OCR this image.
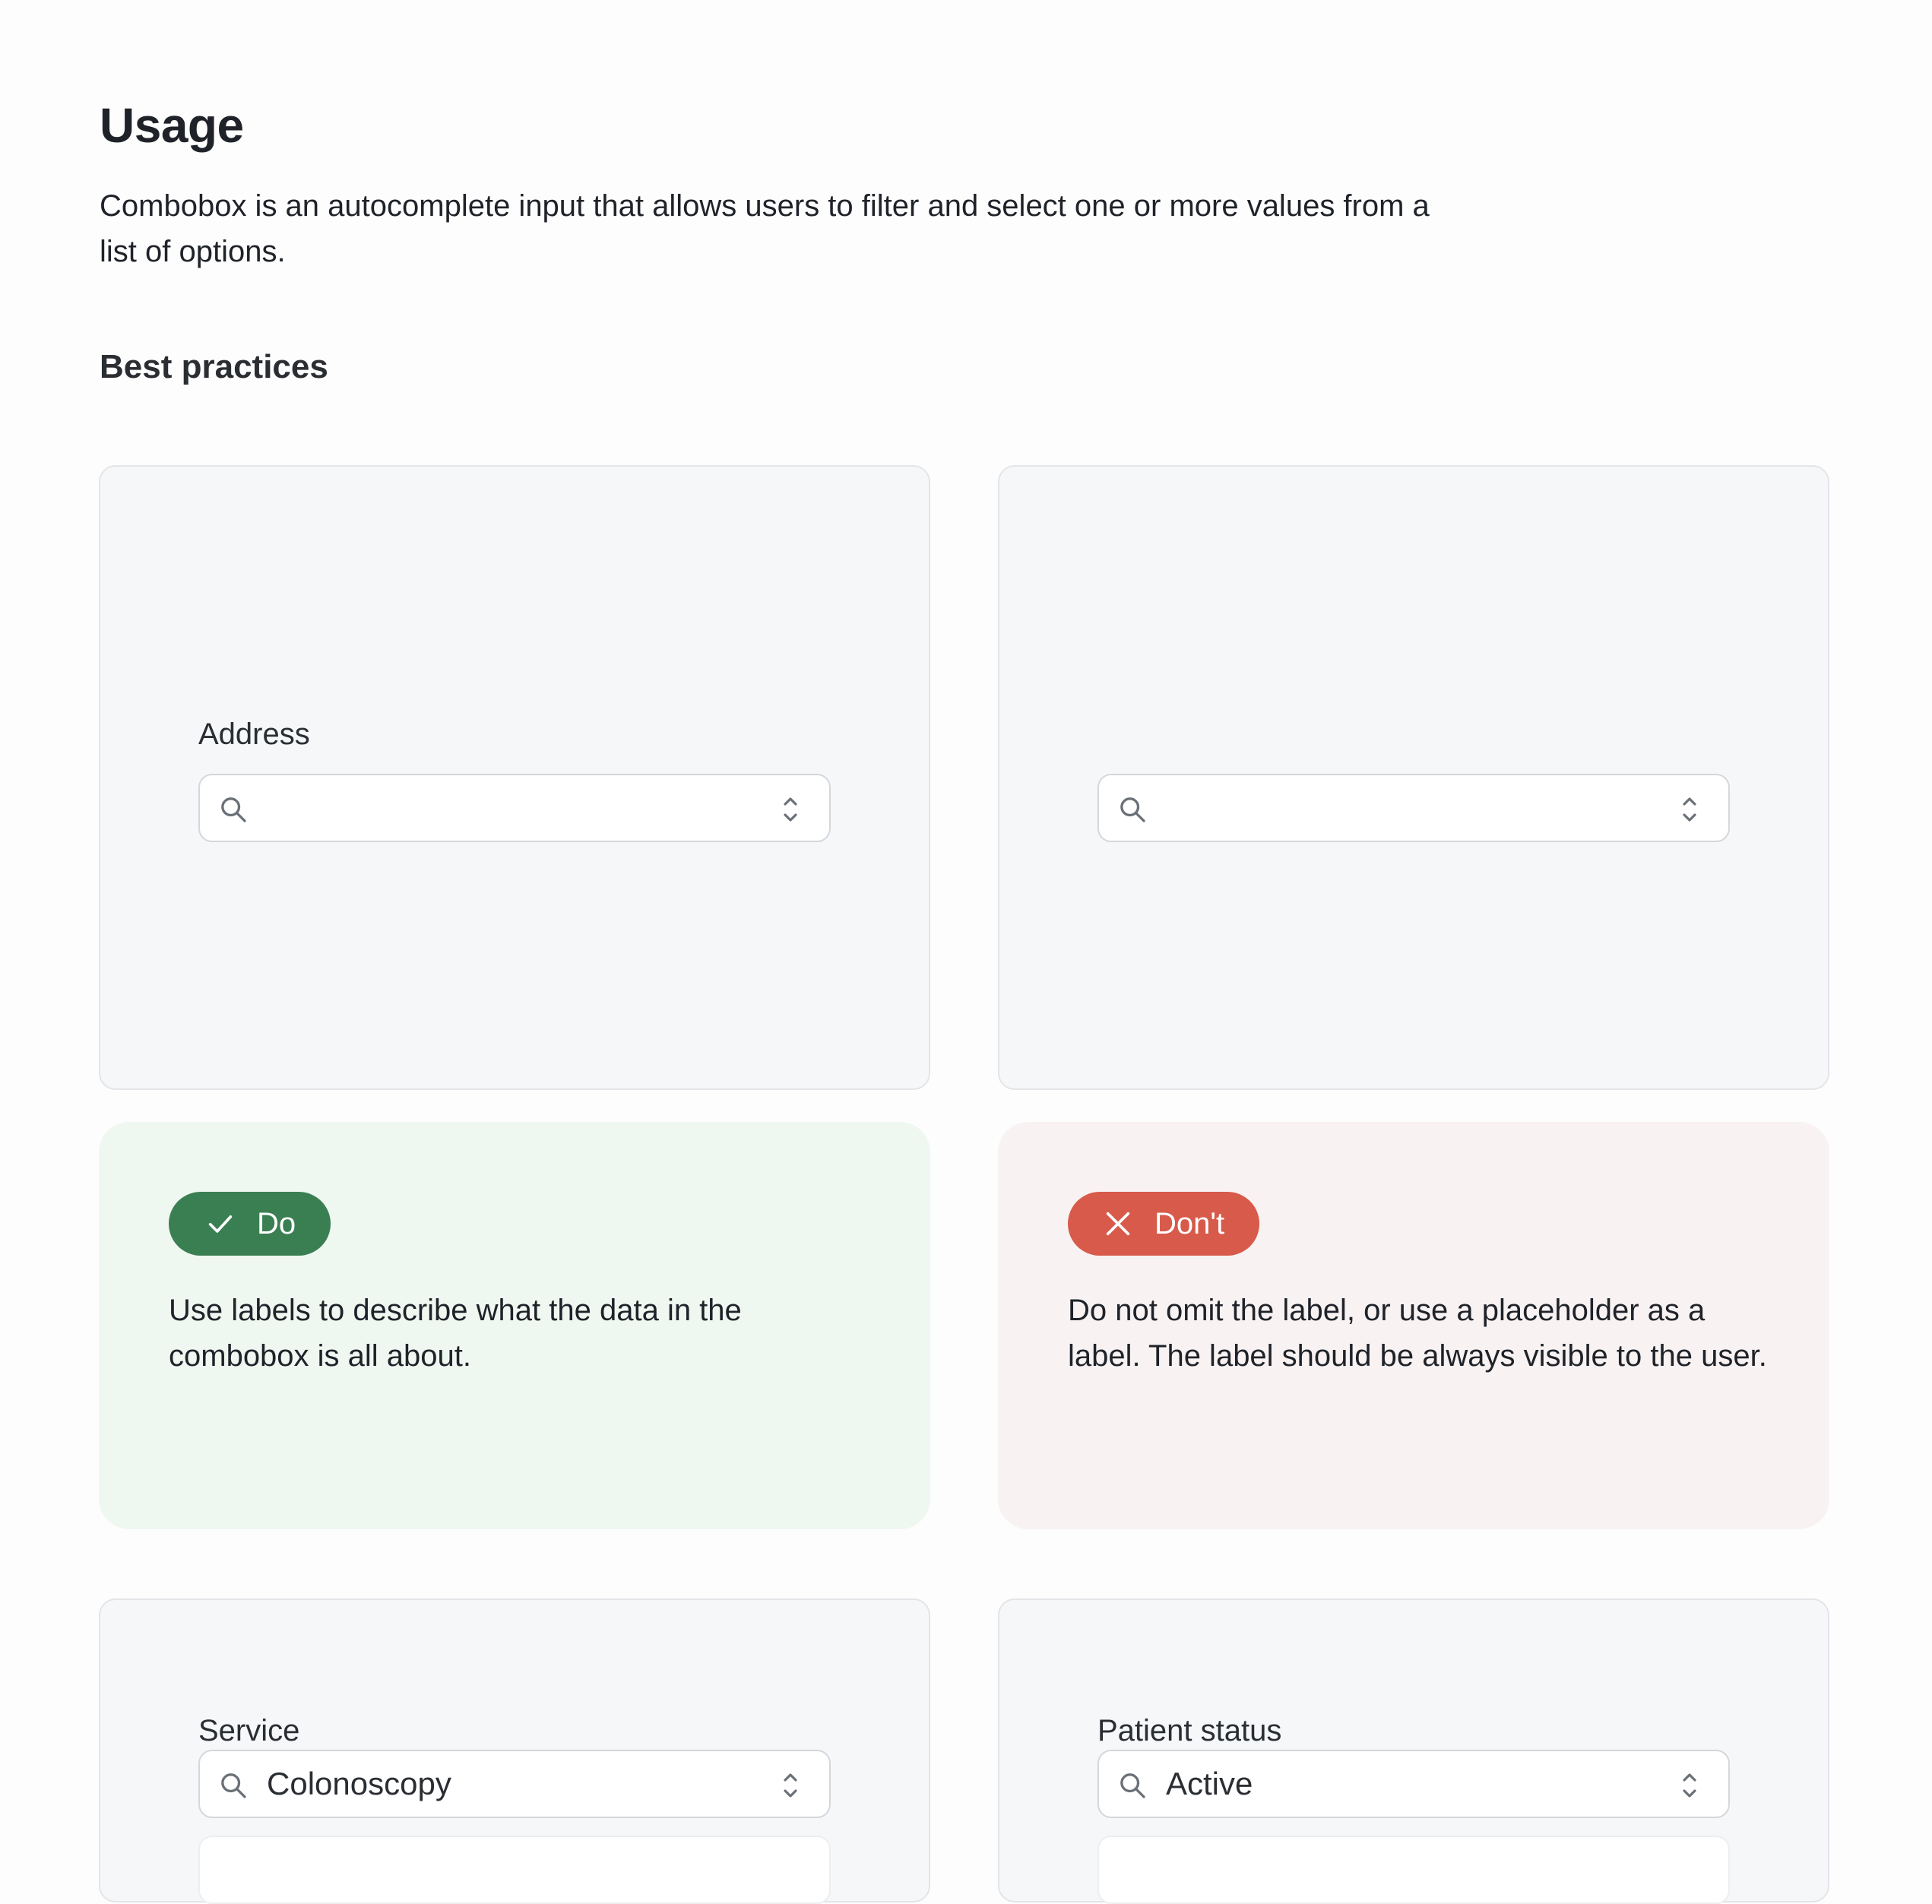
Usage

Combobox is an autocomplete input that allows users to filter and select one or more values from a list of options.

Best practices
Address
Do

Use labels to describe what the data in the combobox is all about.

Don't

Do not omit the label, or use a placeholder as a label. The label should be always visible to the user.

Service
Colonoscopy
Patient status
Active
